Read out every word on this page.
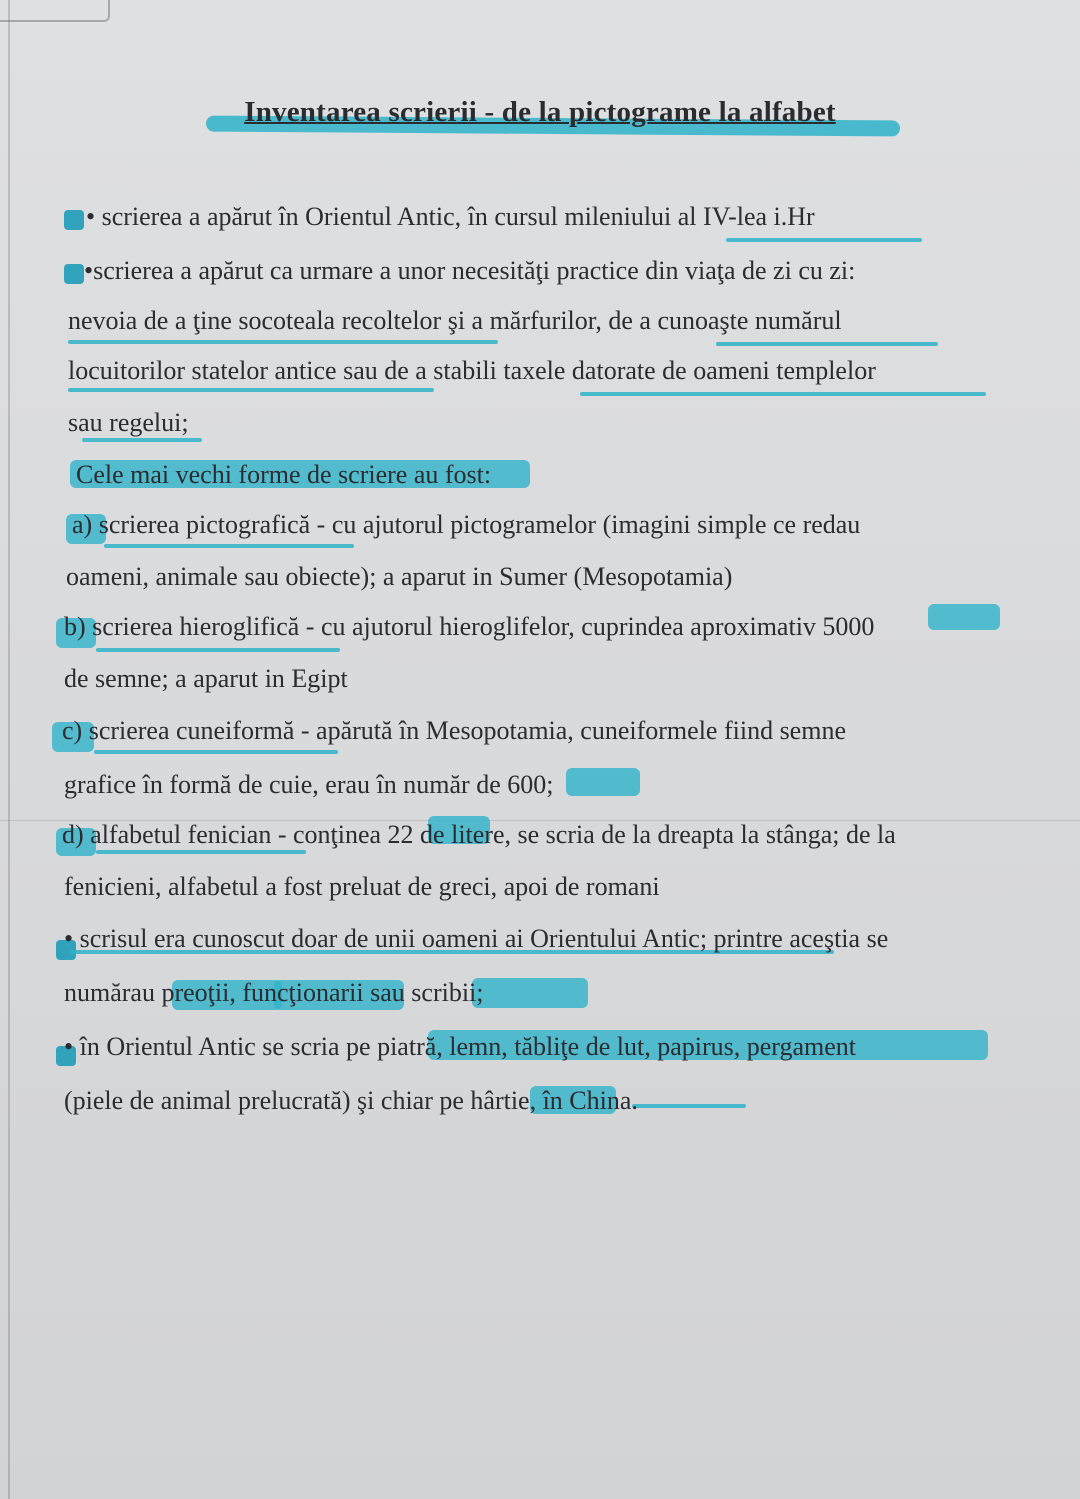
Inventarea scrierii - de la pictograme la alfabet
• scrierea a apărut în Orientul Antic, în cursul mileniului al IV-lea i.Hr
•scrierea a apărut ca urmare a unor necesităţi practice din viaţa de zi cu zi:
nevoia de a ţine socoteala recoltelor şi a mărfurilor, de a cunoaşte numărul
locuitorilor statelor antice sau de a stabili taxele datorate de oameni templelor
sau regelui;
Cele mai vechi forme de scriere au fost:
a) scrierea pictografică - cu ajutorul pictogramelor (imagini simple ce redau
oameni, animale sau obiecte); a aparut in Sumer (Mesopotamia)
b) scrierea hieroglifică - cu ajutorul hieroglifelor, cuprindea aproximativ 5000
de semne; a aparut in Egipt
c) scrierea cuneiformă - apărută în Mesopotamia, cuneiformele fiind semne
grafice în formă de cuie, erau în număr de 600;
d) alfabetul fenician - conţinea 22 de litere, se scria de la dreapta la stânga; de la
fenicieni, alfabetul a fost preluat de greci, apoi de romani
• scrisul era cunoscut doar de unii oameni ai Orientului Antic; printre aceştia se
numărau preoţii, funcţionarii sau scribii;
• în Orientul Antic se scria pe piatră, lemn, tăbliţe de lut, papirus, pergament
(piele de animal prelucrată) şi chiar pe hârtie, în China.
